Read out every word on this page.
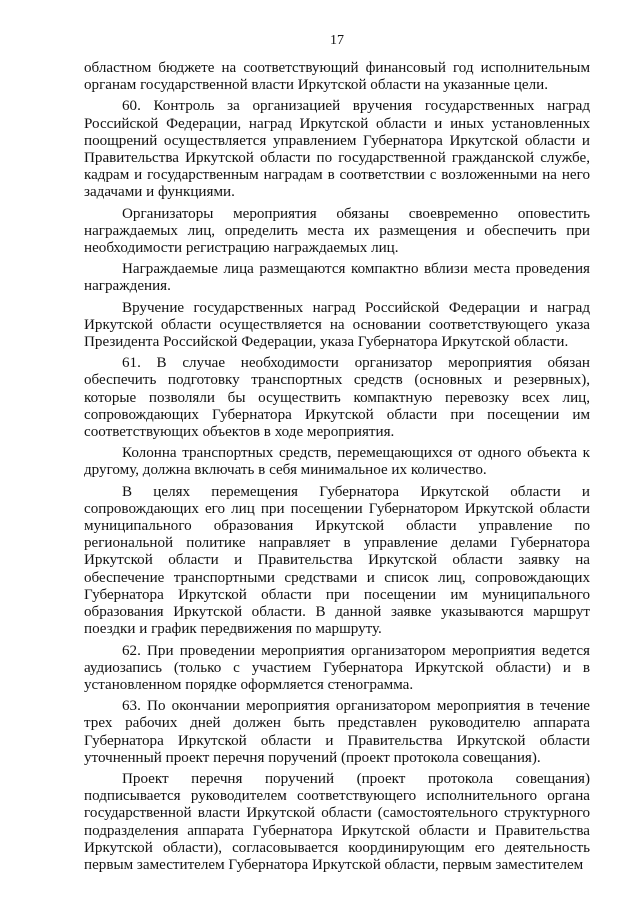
17

областном бюджете на соответствующий финансовый год исполнительным органам государственной власти Иркутской области на указанные цели.

60. Контроль за организацией вручения государственных наград Российской Федерации, наград Иркутской области и иных установленных поощрений осуществляется управлением Губернатора Иркутской области и Правительства Иркутской области по государственной гражданской службе, кадрам и государственным наградам в соответствии с возложенными на него задачами и функциями.

Организаторы мероприятия обязаны своевременно оповестить награждаемых лиц, определить места их размещения и обеспечить при необходимости регистрацию награждаемых лиц.

Награждаемые лица размещаются компактно вблизи места проведения награждения.

Вручение государственных наград Российской Федерации и наград Иркутской области осуществляется на основании соответствующего указа Президента Российской Федерации, указа Губернатора Иркутской области.

61. В случае необходимости организатор мероприятия обязан обеспечить подготовку транспортных средств (основных и резервных), которые позволяли бы осуществить компактную перевозку всех лиц, сопровождающих Губернатора Иркутской области при посещении им соответствующих объектов в ходе мероприятия.

Колонна транспортных средств, перемещающихся от одного объекта к другому, должна включать в себя минимальное их количество.

В целях перемещения Губернатора Иркутской области и сопровождающих его лиц при посещении Губернатором Иркутской области муниципального образования Иркутской области управление по региональной политике направляет в управление делами Губернатора Иркутской области и Правительства Иркутской области заявку на обеспечение транспортными средствами и список лиц, сопровождающих Губернатора Иркутской области при посещении им муниципального образования Иркутской области. В данной заявке указываются маршрут поездки и график передвижения по маршруту.

62. При проведении мероприятия организатором мероприятия ведется аудиозапись (только с участием Губернатора Иркутской области) и в установленном порядке оформляется стенограмма.

63. По окончании мероприятия организатором мероприятия в течение трех рабочих дней должен быть представлен руководителю аппарата Губернатора Иркутской области и Правительства Иркутской области уточненный проект перечня поручений (проект протокола совещания).

Проект перечня поручений (проект протокола совещания) подписывается руководителем соответствующего исполнительного органа государственной власти Иркутской области (самостоятельного структурного подразделения аппарата Губернатора Иркутской области и Правительства Иркутской области), согласовывается координирующим его деятельность первым заместителем Губернатора Иркутской области, первым заместителем
